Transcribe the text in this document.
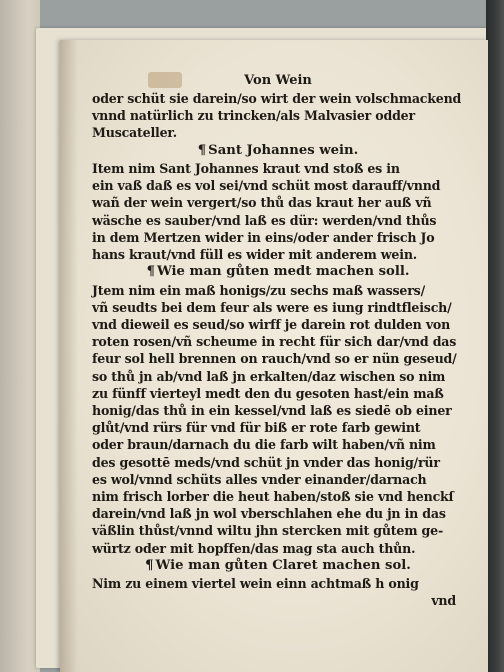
Von Wein
oder schüt sie darein/so wirt der wein volschmackend
vnnd natürlich zu trincken/als Malvasier odder
Muscateller.
¶ Sant Johannes wein.
Item nim Sant Johannes kraut vnd stoß es in
ein vaß daß es vol sei/vnd schüt most darauff/vnnd
wañ der wein vergert/so thů das kraut her auß vñ
wäsche es sauber/vnd laß es dür: werden/vnd thůs
in dem Mertzen wider in eins/oder ander frisch Jo
hans kraut/vnd füll es wider mit anderem wein.
¶ Wie man gůten medt machen soll.
Jtem nim ein maß honigs/zu sechs maß wassers/
vñ seudts bei dem feur als were es iung rindtfleisch/
vnd dieweil es seud/so wirff je darein rot dulden von
roten rosen/vñ scheume in recht für sich dar/vnd das
feur sol hell brennen on rauch/vnd so er nün geseud/
so thů jn ab/vnd laß jn erkalten/daz wischen so nim
zu fünff vierteyl medt den du gesoten hast/ein maß
honig/das thů in ein kessel/vnd laß es siedē ob einer
glůt/vnd rürs für vnd für biß er rote farb gewint
oder braun/darnach du die farb wilt haben/vñ nim
des gesottē meds/vnd schüt jn vnder das honig/rür
es wol/vnnd schüts alles vnder einander/darnach
nim frisch lorber die heut haben/stoß sie vnd henckſ
darein/vnd laß jn wol vberschlahen ehe du jn in das
väßlin thůst/vnnd wiltu jhn stercken mit gůtem ge-
würtz oder mit hopffen/das mag sta auch thůn.
¶ Wie man gůten Claret machen sol.
Nim zu einem viertel wein einn achtmaß h onig
vnd
